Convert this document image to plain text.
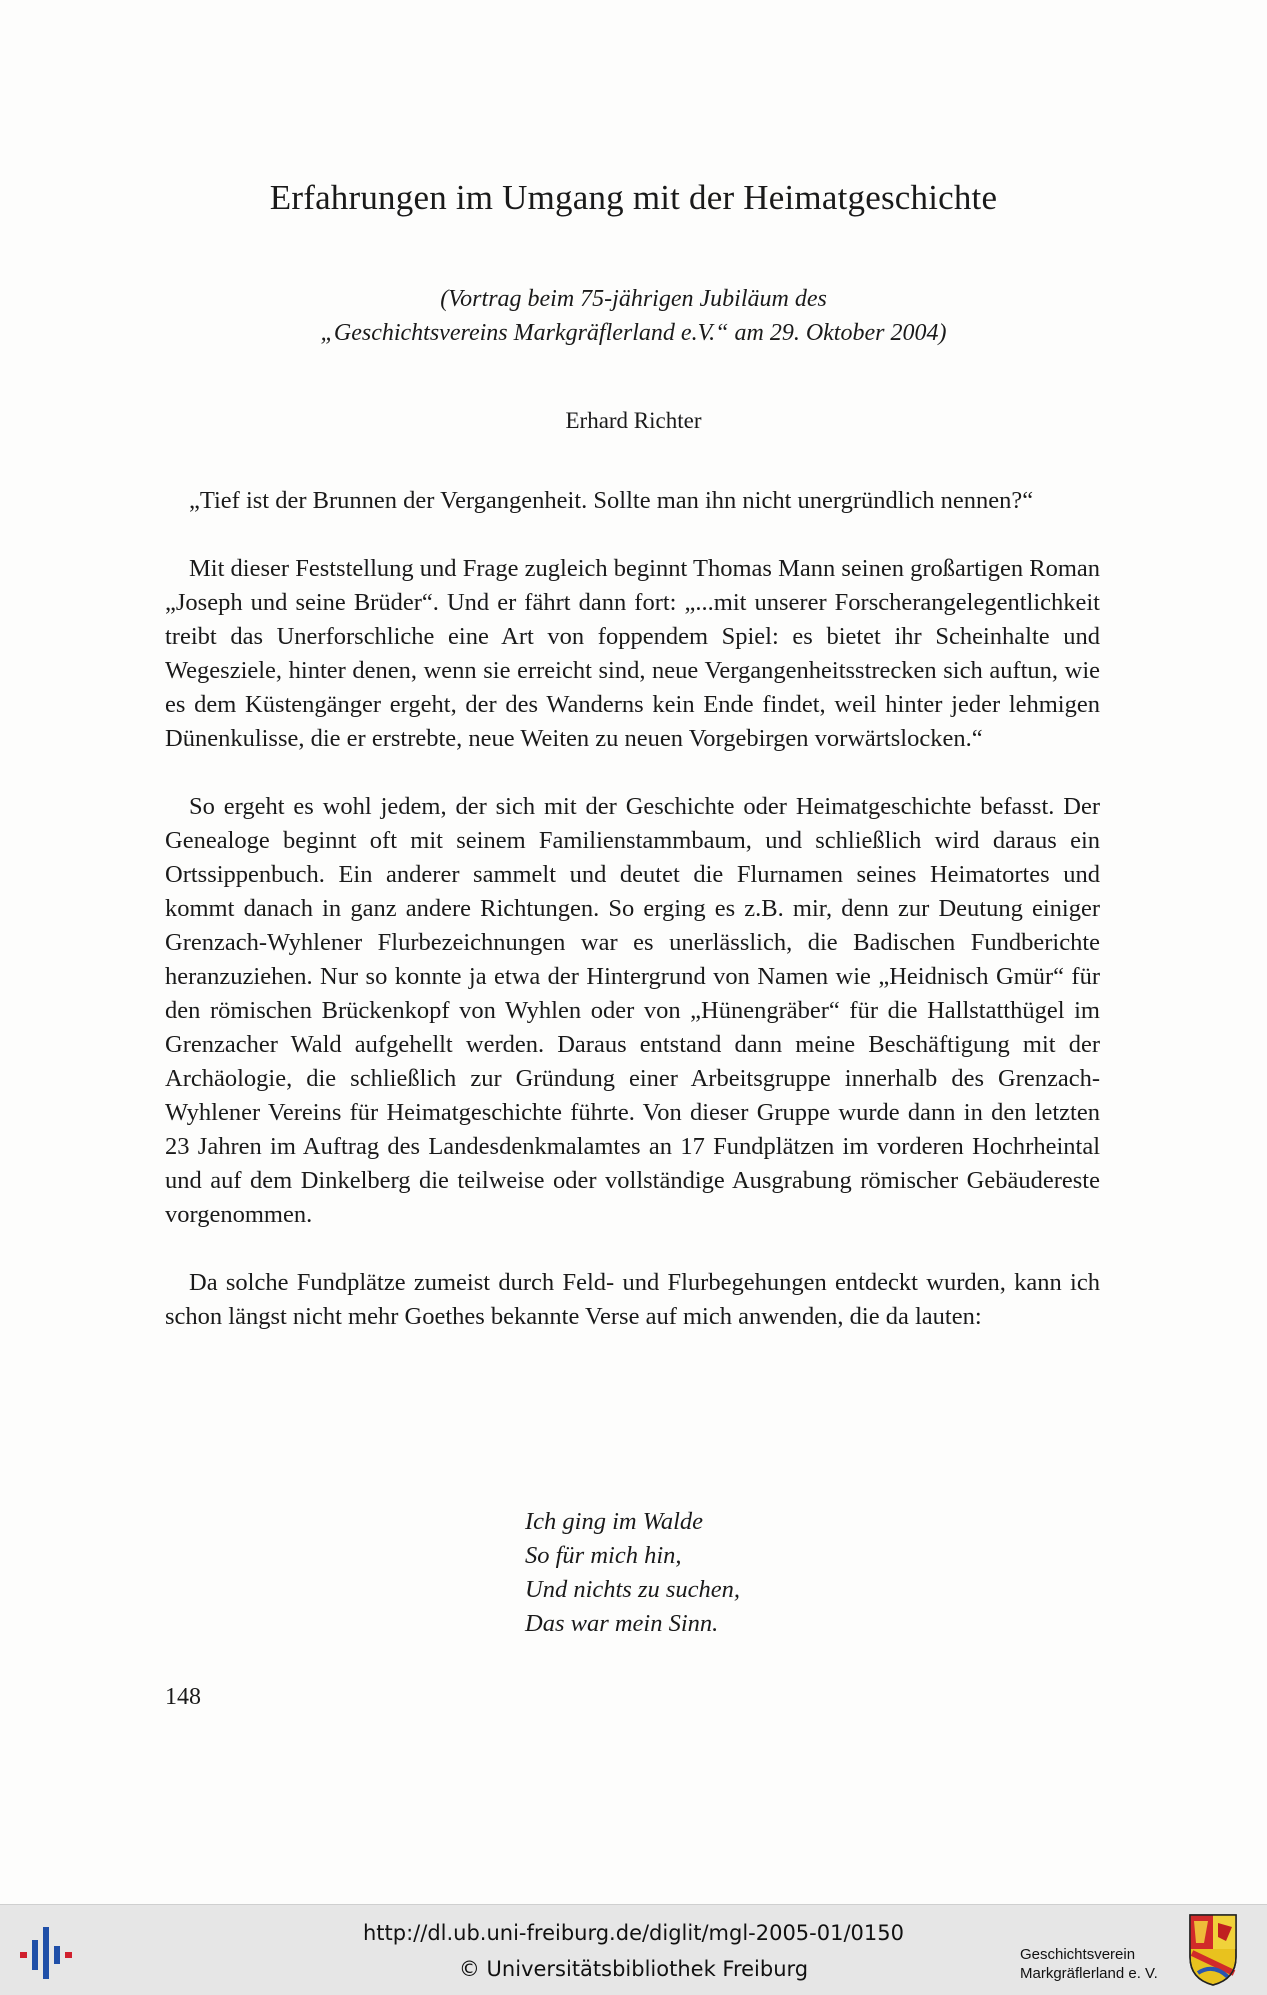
Erfahrungen im Umgang mit der Heimatgeschichte
(Vortrag beim 75-jährigen Jubiläum des
„Geschichtsvereins Markgräflerland e.V.“ am 29. Oktober 2004)
Erhard Richter

„Tief ist der Brunnen der Vergangenheit. Sollte man ihn nicht unergründlich nennen?“

Mit dieser Feststellung und Frage zugleich beginnt Thomas Mann seinen großartigen Roman „Joseph und seine Brüder“. Und er fährt dann fort: „...mit unserer Forscherangelegentlichkeit treibt das Unerforschliche eine Art von foppendem Spiel: es bietet ihr Scheinhalte und Wegesziele, hinter denen, wenn sie erreicht sind, neue Vergangenheitsstrecken sich auftun, wie es dem Küstengänger ergeht, der des Wanderns kein Ende findet, weil hinter jeder lehmigen Dünenkulisse, die er erstrebte, neue Weiten zu neuen Vorgebirgen vorwärtslocken.“

So ergeht es wohl jedem, der sich mit der Geschichte oder Heimatgeschichte befasst. Der Genealoge beginnt oft mit seinem Familienstammbaum, und schließlich wird daraus ein Ortssippenbuch. Ein anderer sammelt und deutet die Flurnamen seines Heimatortes und kommt danach in ganz andere Richtungen. So erging es z.B. mir, denn zur Deutung einiger Grenzach-Wyhlener Flurbezeichnungen war es unerlässlich, die Badischen Fundberichte heranzuziehen. Nur so konnte ja etwa der Hintergrund von Namen wie „Heidnisch Gmür“ für den römischen Brückenkopf von Wyhlen oder von „Hünengräber“ für die Hallstatthügel im Grenzacher Wald aufgehellt werden. Daraus entstand dann meine Beschäftigung mit der Archäologie, die schließlich zur Gründung einer Arbeitsgruppe innerhalb des Grenzach-Wyhlener Vereins für Heimatgeschichte führte. Von dieser Gruppe wurde dann in den letzten 23 Jahren im Auftrag des Landesdenkmalamtes an 17 Fundplätzen im vorderen Hochrheintal und auf dem Dinkelberg die teilweise oder vollständige Ausgrabung römischer Gebäudereste vorgenommen.

Da solche Fundplätze zumeist durch Feld- und Flurbegehungen entdeckt wurden, kann ich schon längst nicht mehr Goethes bekannte Verse auf mich anwenden, die da lauten:

Ich ging im Walde
So für mich hin,
Und nichts zu suchen,
Das war mein Sinn.
148
http://dl.ub.uni-freiburg.de/diglit/mgl-2005-01/0150
© Universitätsbibliothek Freiburg
Geschichtsverein
Markgräflerland e. V.
